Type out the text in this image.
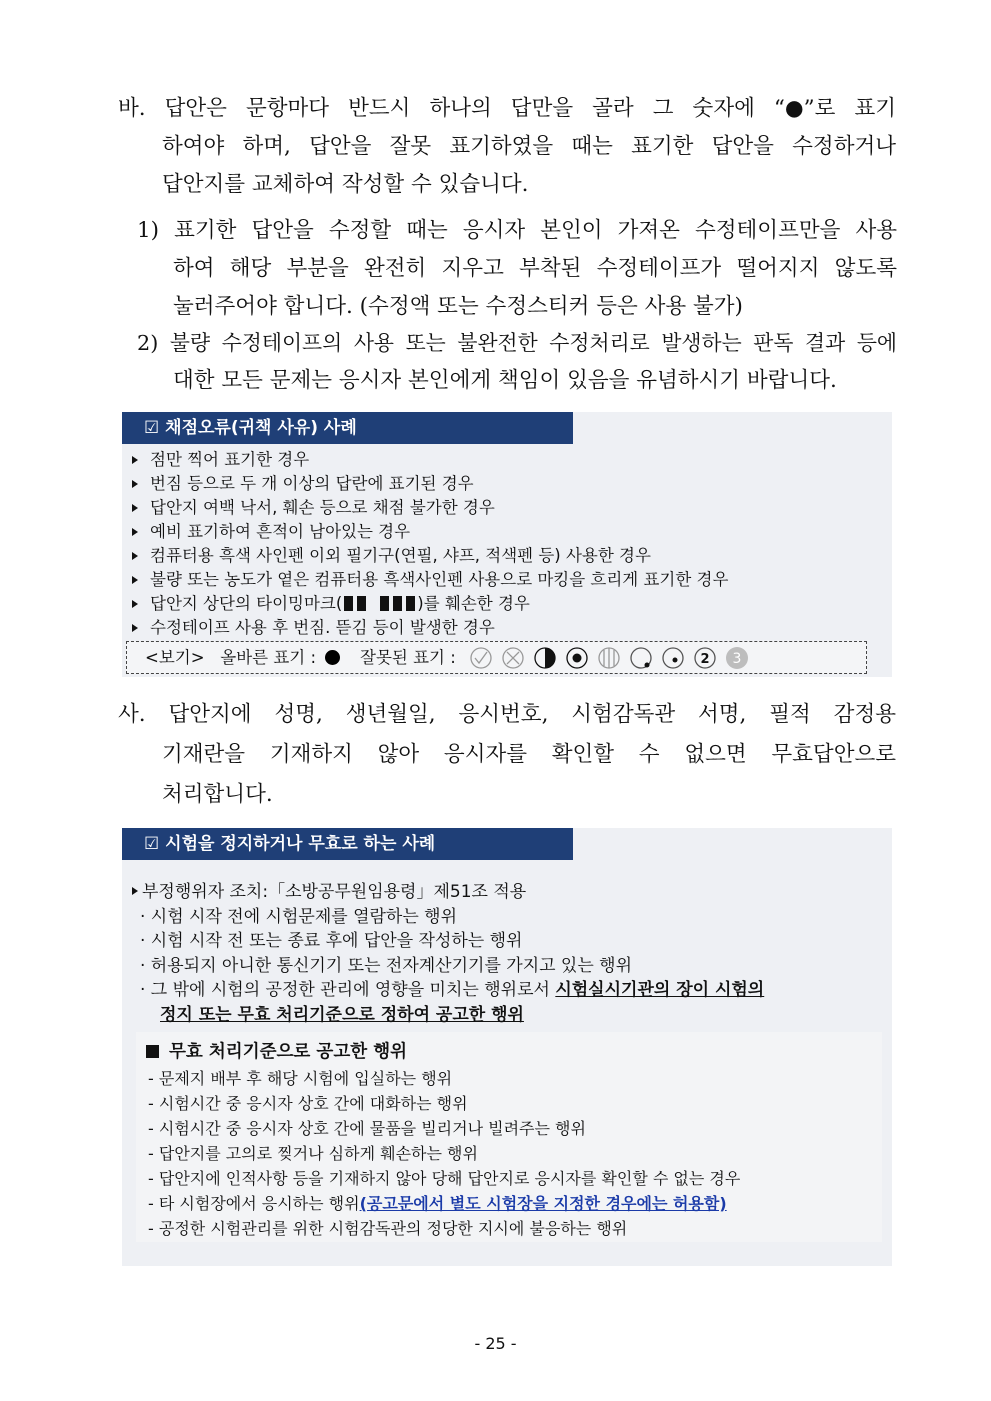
바. 답안은 문항마다 반드시 하나의 답만을 골라 그 숫자에 “●”로 표기
하여야 하며, 답안을 잘못 표기하였을 때는 표기한 답안을 수정하거나
답안지를 교체하여 작성할 수 있습니다.
1) 표기한 답안을 수정할 때는 응시자 본인이 가져온 수정테이프만을 사용
하여 해당 부분을 완전히 지우고 부착된 수정테이프가 떨어지지 않도록
눌러주어야 합니다. (수정액 또는 수정스티커 등은 사용 불가)
2) 불량 수정테이프의 사용 또는 불완전한 수정처리로 발생하는 판독 결과 등에
대한 모든 문제는 응시자 본인에게 책임이 있음을 유념하시기 바랍니다.
☑ 채점오류(귀책 사유) 사례
점만 찍어 표기한 경우
번짐 등으로 두 개 이상의 답란에 표기된 경우
답안지 여백 낙서, 훼손 등으로 채점 불가한 경우
예비 표기하여 흔적이 남아있는 경우
컴퓨터용 흑색 사인펜 이외 필기구(연필, 샤프, 적색펜 등) 사용한 경우
불량 또는 농도가 옅은 컴퓨터용 흑색사인펜 사용으로 마킹을 흐리게 표기한 경우
답안지 상단의 타이밍마크(	)를 훼손한 경우
수정테이프 사용 후 번짐. 뜯김 등이 발생한 경우
<보기> 올바른 표기 :	잘못된 표기 :	2 3
사. 답안지에 성명, 생년월일, 응시번호, 시험감독관 서명, 필적 감정용
기재란을 기재하지 않아 응시자를 확인할 수 없으면 무효답안으로
처리합니다.
☑ 시험을 정지하거나 무효로 하는 사례
부정행위자 조치:「소방공무원임용령」제51조 적용
· 시험 시작 전에 시험문제를 열람하는 행위
· 시험 시작 전 또는 종료 후에 답안을 작성하는 행위
· 허용되지 아니한 통신기기 또는 전자계산기기를 가지고 있는 행위
· 그 밖에 시험의 공정한 관리에 영향을 미치는 행위로서 시험실시기관의 장이 시험의
정지 또는 무효 처리기준으로 정하여 공고한 행위
무효 처리기준으로 공고한 행위
- 문제지 배부 후 해당 시험에 입실하는 행위
- 시험시간 중 응시자 상호 간에 대화하는 행위
- 시험시간 중 응시자 상호 간에 물품을 빌리거나 빌려주는 행위
- 답안지를 고의로 찢거나 심하게 훼손하는 행위
- 답안지에 인적사항 등을 기재하지 않아 당해 답안지로 응시자를 확인할 수 없는 경우
- 타 시험장에서 응시하는 행위(공고문에서 별도 시험장을 지정한 경우에는 허용함)
- 공정한 시험관리를 위한 시험감독관의 정당한 지시에 불응하는 행위
- 25 -
